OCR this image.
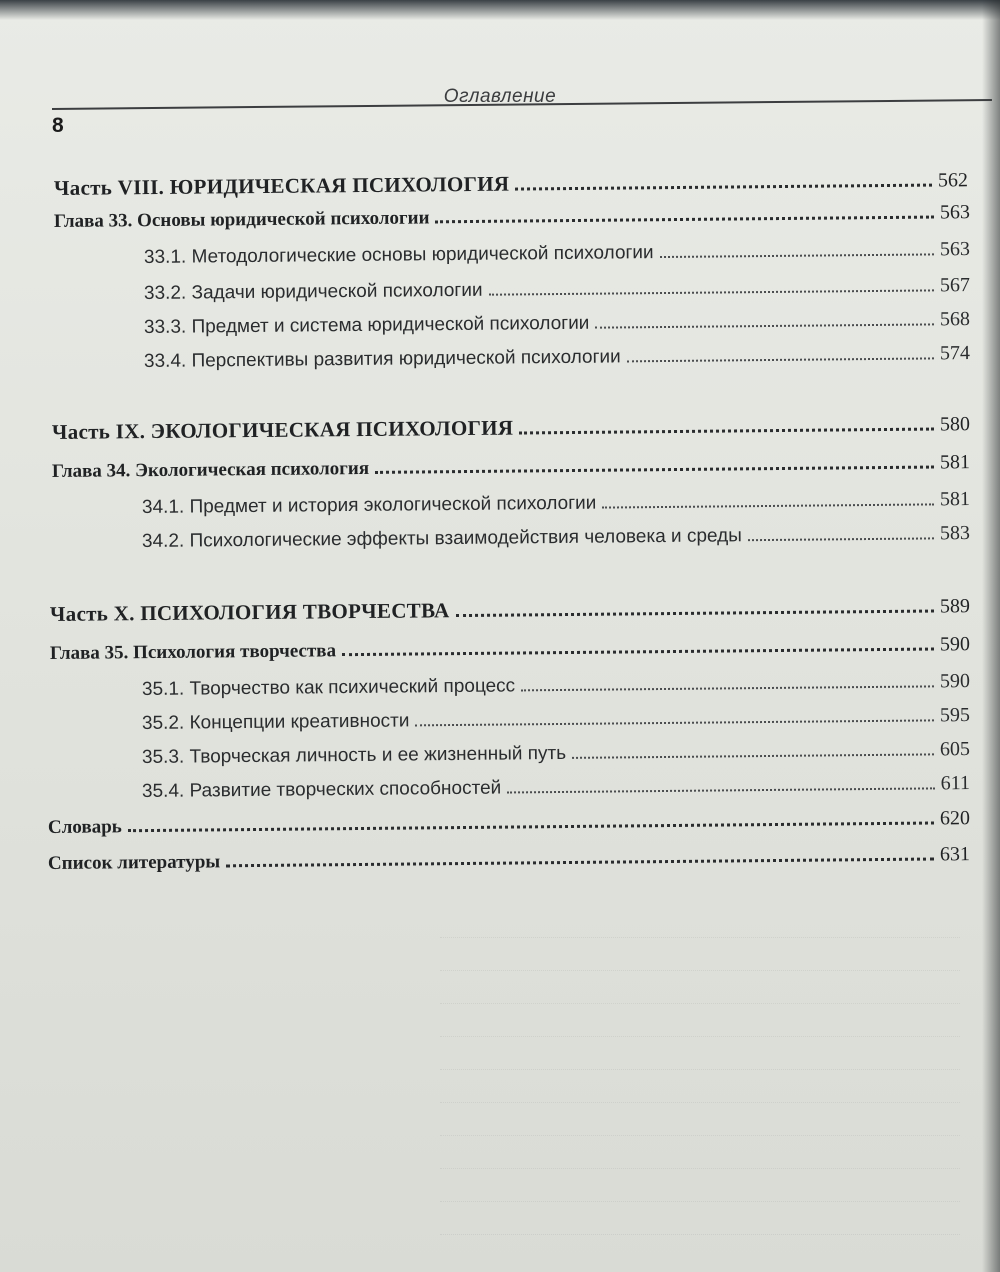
Оглавление
8
Часть VIII. ЮРИДИЧЕСКАЯ ПСИХОЛОГИЯ	562
Глава 33. Основы юридической психологии	563
33.1. Методологические основы юридической психологии	563
33.2. Задачи юридической психологии	567
33.3. Предмет и система юридической психологии	568
33.4. Перспективы развития юридической психологии	574
Часть IX. ЭКОЛОГИЧЕСКАЯ ПСИХОЛОГИЯ	580
Глава 34. Экологическая психология	581
34.1. Предмет и история экологической психологии	581
34.2. Психологические эффекты взаимодействия человека и среды	583
Часть X. ПСИХОЛОГИЯ ТВОРЧЕСТВА	589
Глава 35. Психология творчества	590
35.1. Творчество как психический процесс	590
35.2. Концепции креативности	595
35.3. Творческая личность и ее жизненный путь	605
35.4. Развитие творческих способностей	611
Словарь	620
Список литературы	631
